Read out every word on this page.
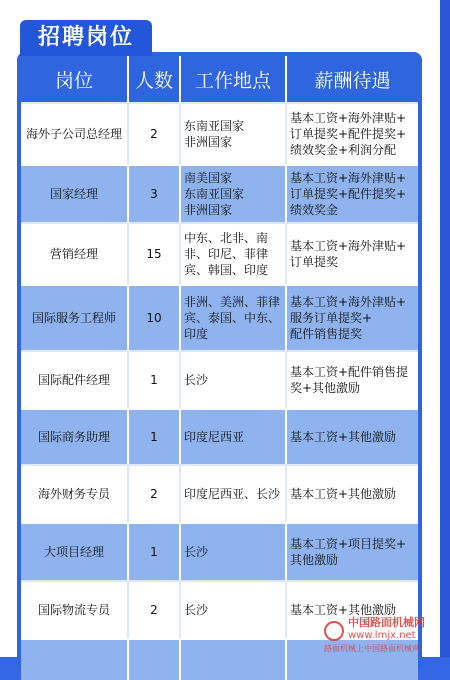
招聘岗位
岗位	人数	工作地点	薪酬待遇
海外子公司总经理	2	东南亚国家
非洲国家	基本工资+海外津贴+
订单提奖+配件提奖+
绩效奖金+利润分配
国家经理	3	南美国家
东南亚国家
非洲国家	基本工资+海外津贴+
订单提奖+配件提奖+
绩效奖金
营销经理	15	中东、北非、南
非、印尼、菲律
宾、韩国、印度	基本工资+海外津贴+
订单提奖
国际服务工程师	10	非洲、美洲、菲律
宾、泰国、中东、
印度	基本工资+海外津贴+
服务订单提奖+
配件销售提奖
国际配件经理	1	长沙	基本工资+配件销售提
奖+其他激励
国际商务助理	1	印度尼西亚	基本工资+其他激励
海外财务专员	2	印度尼西亚、长沙	基本工资+其他激励
大项目经理	1	长沙	基本工资+项目提奖+
其他激励
国际物流专员	2	长沙	基本工资+其他激励

中国路面机械网
www.lmjx.net
路面机械上中国路面机械网
